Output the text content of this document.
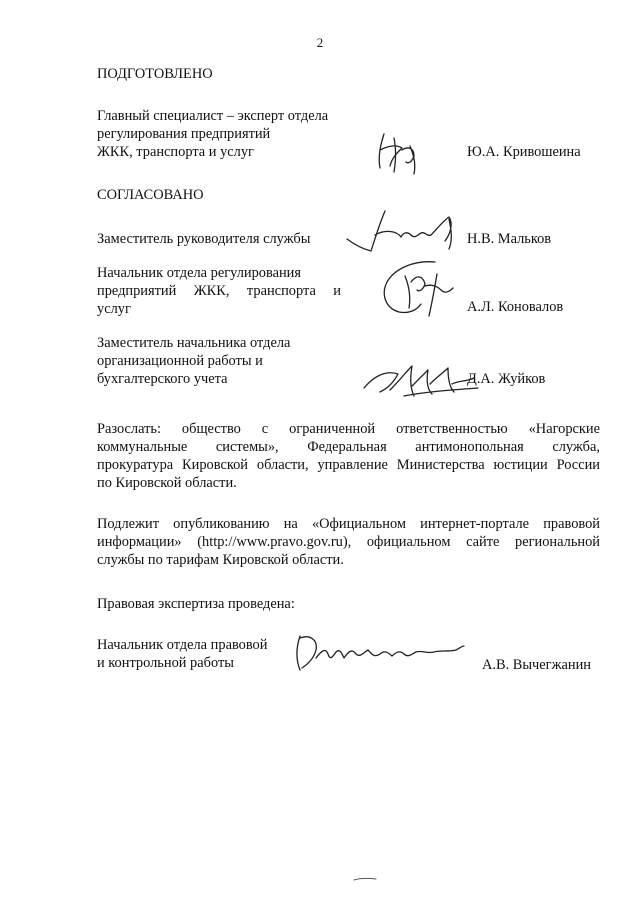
2
ПОДГОТОВЛЕНО
Главный специалист – эксперт отдела
регулирования предприятий
ЖКК, транспорта и услуг	Ю.А. Кривошеина
СОГЛАСОВАНО
Заместитель руководителя службы	Н.В. Мальков
Начальник отдела регулирования
предприятий ЖКК, транспорта и
услуг	А.Л. Коновалов
Заместитель начальника отдела
организационной работы и
бухгалтерского учета	Д.А. Жуйков
Разослать: общество с ограниченной ответственностью «Нагорские
коммунальные системы», Федеральная антимонопольная служба,
прокуратура Кировской области, управление Министерства юстиции России
по Кировской области.
Подлежит опубликованию на «Официальном интернет-портале правовой
информации» (http://www.pravo.gov.ru), официальном сайте региональной
службы по тарифам Кировской области.
Правовая экспертиза проведена:
Начальник отдела правовой
и контрольной работы	А.В. Вычегжанин
